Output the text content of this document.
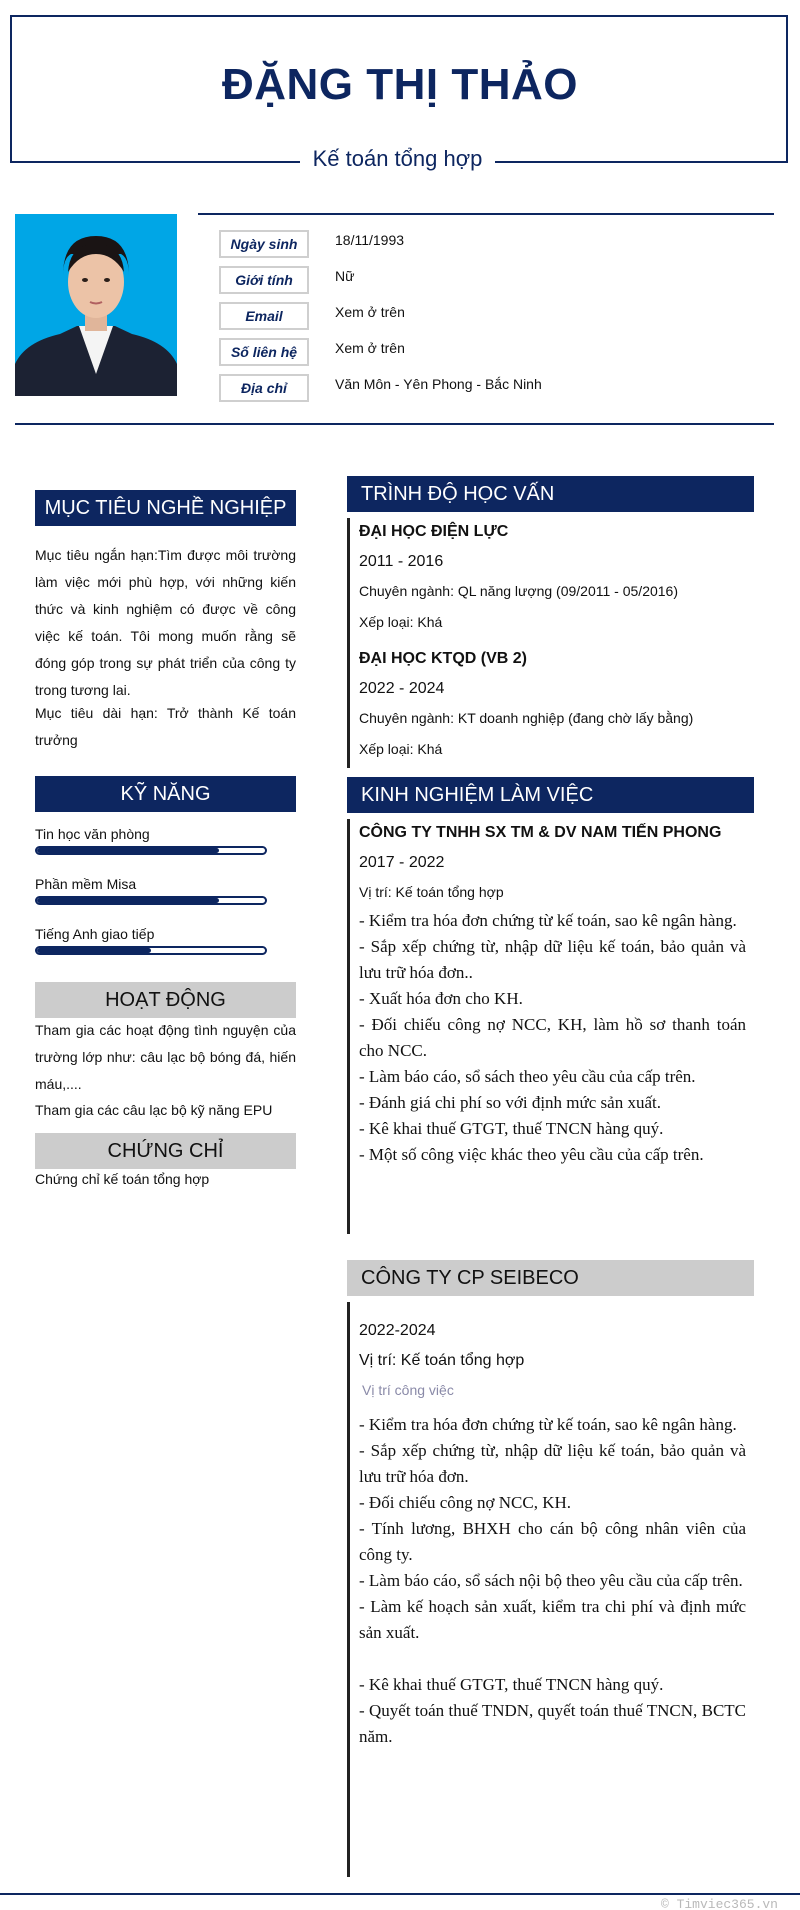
ĐẶNG THỊ THẢO
Kế toán tổng hợp
Ngày sinh	18/11/1993
Giới tính	Nữ
Email	Xem ở trên
Số liên hệ	Xem ở trên
Địa chỉ	Văn Môn - Yên Phong - Bắc Ninh
MỤC TIÊU NGHỀ NGHIỆP
Mục tiêu ngắn hạn:Tìm được môi trường làm việc mới phù hợp, với những kiến thức và kinh nghiệm có được về công việc kế toán. Tôi mong muốn rằng sẽ đóng góp trong sự phát triển của công ty trong tương lai.
Mục tiêu dài hạn: Trở thành Kế toán trưởng
KỸ NĂNG
Tin học văn phòng
Phần mềm Misa
Tiếng Anh giao tiếp
HOẠT ĐỘNG
Tham gia các hoạt động tình nguyện của trường lớp như: câu lạc bộ bóng đá, hiến máu,....
Tham gia các câu lạc bộ kỹ năng EPU
CHỨNG CHỈ
Chứng chỉ kế toán tổng hợp
TRÌNH ĐỘ HỌC VẤN
ĐẠI HỌC ĐIỆN LỰC
2011 - 2016
Chuyên ngành: QL năng lượng (09/2011 - 05/2016)
Xếp loại: Khá
ĐẠI HỌC KTQD (VB 2)
2022 - 2024
Chuyên ngành: KT doanh nghiệp (đang chờ lấy bằng)
Xếp loại: Khá
KINH NGHIỆM LÀM VIỆC
CÔNG TY TNHH SX TM & DV NAM TIẾN PHONG
2017 - 2022
Vị trí: Kế toán tổng hợp

- Kiểm tra hóa đơn chứng từ kế toán, sao kê ngân hàng.

- Sắp xếp chứng từ, nhập dữ liệu kế toán, bảo quản và lưu trữ hóa đơn..

- Xuất hóa đơn cho KH.

- Đối chiếu công nợ NCC, KH, làm hồ sơ thanh toán cho NCC.

- Làm báo cáo, sổ sách theo yêu cầu của cấp trên.

- Đánh giá chi phí so với định mức sản xuất.

- Kê khai thuế GTGT, thuế TNCN hàng quý.

- Một số công việc khác theo yêu cầu của cấp trên.

CÔNG TY CP SEIBECO
2022-2024
Vị trí: Kế toán tổng hợp
Vị trí công việc

- Kiểm tra hóa đơn chứng từ kế toán, sao kê ngân hàng.

- Sắp xếp chứng từ, nhập dữ liệu kế toán, bảo quản và lưu trữ hóa đơn.

- Đối chiếu công nợ NCC, KH.

- Tính lương, BHXH cho cán bộ công nhân viên của công ty.

- Làm báo cáo, sổ sách nội bộ theo yêu cầu của cấp trên.

- Làm kế hoạch sản xuất, kiểm tra chi phí và định mức sản xuất.

- Kê khai thuế GTGT, thuế TNCN hàng quý.

- Quyết toán thuế TNDN, quyết toán thuế TNCN, BCTC năm.

© Timviec365.vn
